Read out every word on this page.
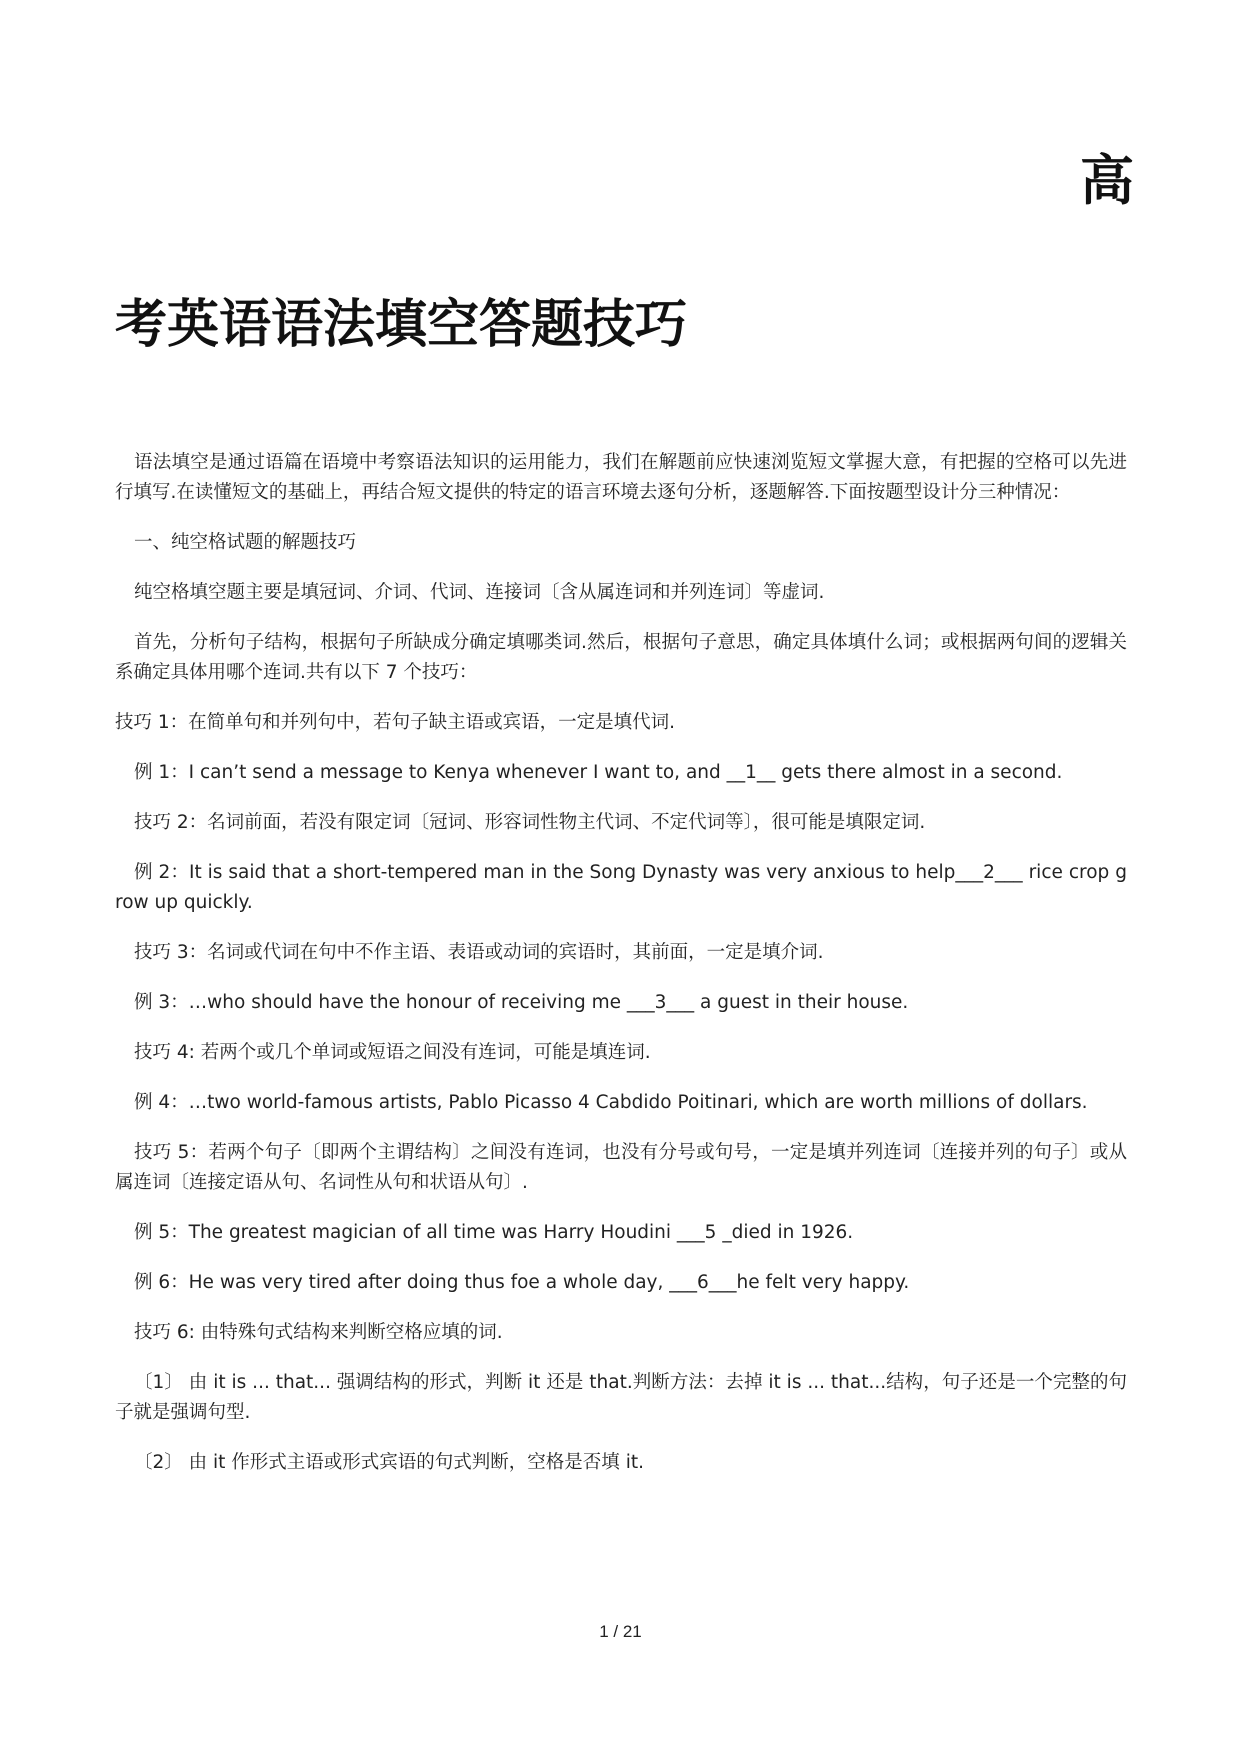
高
考英语语法填空答题技巧

语法填空是通过语篇在语境中考察语法知识的运用能力，我们在解题前应快速浏览短文掌握大意，有把握的空格可以先进行填写.在读懂短文的基础上，再结合短文提供的特定的语言环境去逐句分析，逐题解答.下面按题型设计分三种情况：

一、纯空格试题的解题技巧

纯空格填空题主要是填冠词、介词、代词、连接词〔含从属连词和并列连词〕等虚词.

首先，分析句子结构，根据句子所缺成分确定填哪类词.然后，根据句子意思，确定具体填什么词；或根据两句间的逻辑关系确定具体用哪个连词.共有以下 7 个技巧：

技巧 1：在简单句和并列句中，若句子缺主语或宾语，一定是填代词.

例 1：I can’t send a message to Kenya whenever I want to, and __1__ gets there almost in a second.

技巧 2：名词前面，若没有限定词〔冠词、形容词性物主代词、不定代词等〕，很可能是填限定词.

例 2：It is said that a short-tempered man in the Song Dynasty was very anxious to help___2___ rice crop grow up quickly.

技巧 3：名词或代词在句中不作主语、表语或动词的宾语时，其前面，一定是填介词.

例 3：…who should have the honour of receiving me ___3___ a guest in their house.

技巧 4: 若两个或几个单词或短语之间没有连词，可能是填连词.

例 4：…two world-famous artists, Pablo Picasso 4 Cabdido Poitinari, which are worth millions of dollars.

技巧 5：若两个句子〔即两个主谓结构〕之间没有连词，也没有分号或句号，一定是填并列连词〔连接并列的句子〕或从属连词〔连接定语从句、名词性从句和状语从句〕.

例 5：The greatest magician of all time was Harry Houdini ___5 _died in 1926.

例 6：He was very tired after doing thus foe a whole day, ___6___he felt very happy.

技巧 6: 由特殊句式结构来判断空格应填的词.

〔1〕 由 it is ... that... 强调结构的形式，判断 it 还是 that.判断方法：去掉 it is ... that...结构，句子还是一个完整的句子就是强调句型.

〔2〕 由 it 作形式主语或形式宾语的句式判断，空格是否填 it.

1 / 21
